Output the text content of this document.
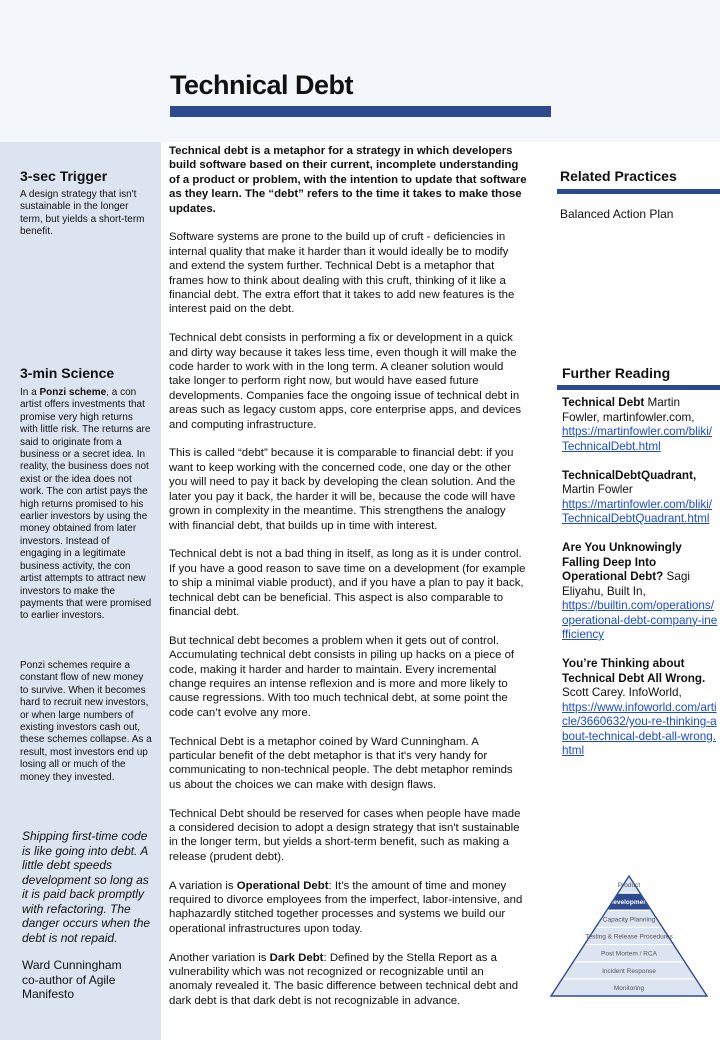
Technical Debt
3-sec Trigger

A design strategy that isn't sustainable in the longer term, but yields a short-term benefit.

3-min Science

In a Ponzi scheme, a con artist offers investments that promise very high returns with little risk. The returns are said to originate from a business or a secret idea. In reality, the business does not exist or the idea does not work. The con artist pays the high returns promised to his earlier investors by using the money obtained from later investors. Instead of engaging in a legitimate business activity, the con artist attempts to attract new investors to make the payments that were promised to earlier investors.

Ponzi schemes require a constant flow of new money to survive. When it becomes hard to recruit new investors, or when large numbers of existing investors cash out, these schemes collapse. As a result, most investors end up losing all or much of the money they invested.

Shipping first-time code is like going into debt. A little debt speeds development so long as it is paid back promptly with refactoring. The danger occurs when the debt is not repaid.

Ward Cunningham
co-author of Agile Manifesto

Technical debt is a metaphor for a strategy in which developers build software based on their current, incomplete understanding of a product or problem, with the intention to update that software as they learn. The “debt” refers to the time it takes to make those updates.

Software systems are prone to the build up of cruft - deficiencies in internal quality that make it harder than it would ideally be to modify and extend the system further. Technical Debt is a metaphor that frames how to think about dealing with this cruft, thinking of it like a financial debt. The extra effort that it takes to add new features is the interest paid on the debt.

Technical debt consists in performing a fix or development in a quick and dirty way because it takes less time, even though it will make the code harder to work with in the long term. A cleaner solution would take longer to perform right now, but would have eased future developments. Companies face the ongoing issue of technical debt in areas such as legacy custom apps, core enterprise apps, and devices and computing infrastructure.

This is called “debt” because it is comparable to financial debt: if you want to keep working with the concerned code, one day or the other you will need to pay it back by developing the clean solution. And the later you pay it back, the harder it will be, because the code will have grown in complexity in the meantime. This strengthens the analogy with financial debt, that builds up in time with interest.

Technical debt is not a bad thing in itself, as long as it is under control. If you have a good reason to save time on a development (for example to ship a minimal viable product), and if you have a plan to pay it back, technical debt can be beneficial. This aspect is also comparable to financial debt.

But technical debt becomes a problem when it gets out of control. Accumulating technical debt consists in piling up hacks on a piece of code, making it harder and harder to maintain. Every incremental change requires an intense reflexion and is more and more likely to cause regressions. With too much technical debt, at some point the code can’t evolve any more.

Technical Debt is a metaphor coined by Ward Cunningham. A particular benefit of the debt metaphor is that it's very handy for communicating to non-technical people. The debt metaphor reminds us about the choices we can make with design flaws.

Technical Debt should be reserved for cases when people have made a considered decision to adopt a design strategy that isn't sustainable in the longer term, but yields a short-term benefit, such as making a release (prudent debt).

A variation is Operational Debt: It’s the amount of time and money required to divorce employees from the imperfect, labor-intensive, and haphazardly stitched together processes and systems we build our operational infrastructures upon today.

Another variation is Dark Debt: Defined by the Stella Report as a vulnerability which was not recognized or recognizable until an anomaly revealed it. The basic difference between technical debt and dark debt is that dark debt is not recognizable in advance.

Related Practices

Balanced Action Plan

Further Reading
Technical Debt Martin Fowler, martinfowler.com,
https://martinfowler.com/bliki/TechnicalDebt.html
TechnicalDebtQuadrant, Martin Fowler
https://martinfowler.com/bliki/TechnicalDebtQuadrant.html
Are You Unknowingly Falling Deep Into Operational Debt? Sagi Eliyahu, Built In,
https://builtin.com/operations/operational-debt-company-inefficiency
You’re Thinking about Technical Debt All Wrong. Scott Carey. InfoWorld,
https://www.infoworld.com/article/3660632/you-re-thinking-about-technical-debt-all-wrong.html
Product
Development
Capacity Planning
Testing & Release Procedures
Post Mortem / RCA
Incident Response
Monitoring
